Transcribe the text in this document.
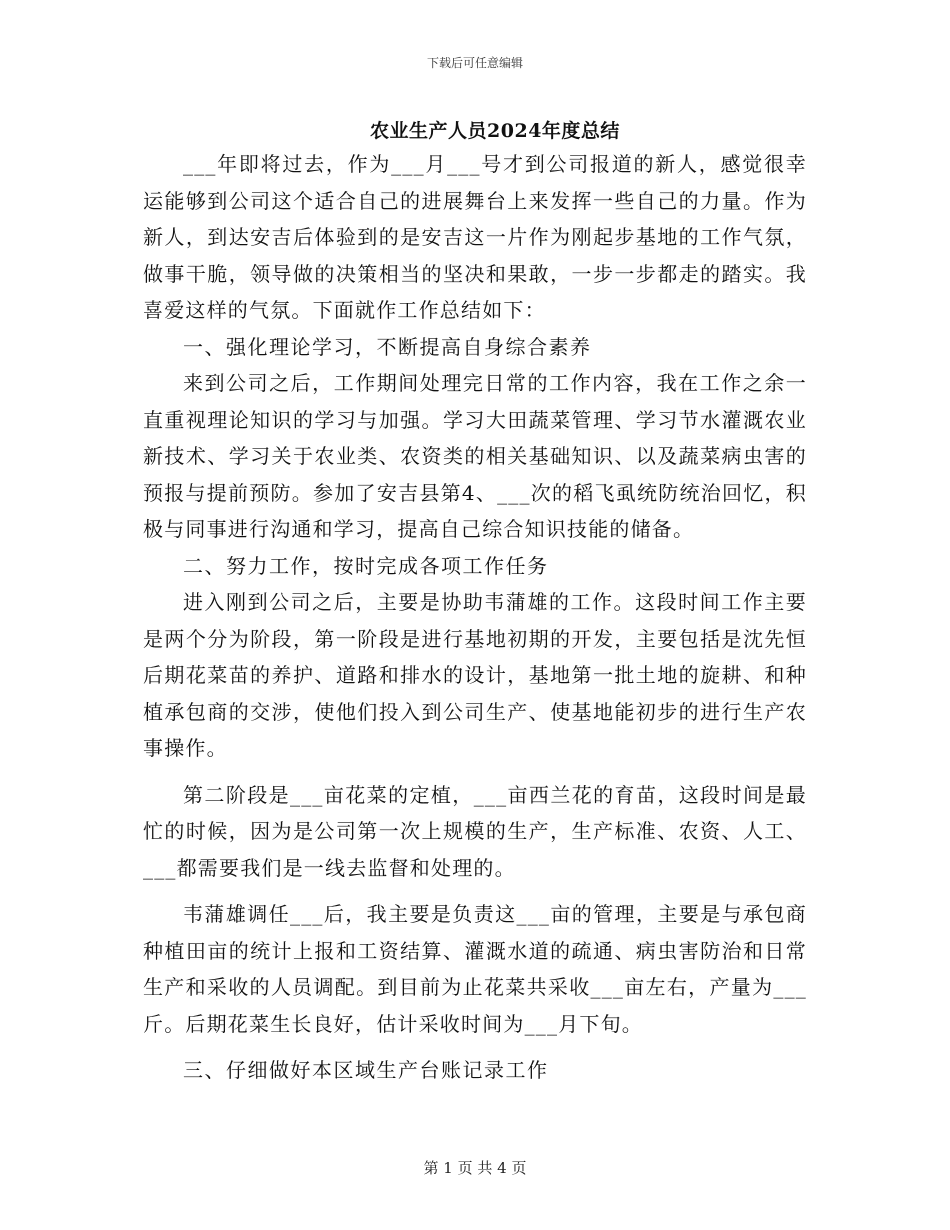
下载后可任意编辑
农业生产人员2024年度总结

___年即将过去，作为___月___号才到公司报道的新人，感觉很幸运能够到公司这个适合自己的进展舞台上来发挥一些自己的力量。作为新人，到达安吉后体验到的是安吉这一片作为刚起步基地的工作气氛，做事干脆，领导做的决策相当的坚决和果敢，一步一步都走的踏实。我喜爱这样的气氛。下面就作工作总结如下：

一、强化理论学习，不断提高自身综合素养

来到公司之后，工作期间处理完日常的工作内容，我在工作之余一直重视理论知识的学习与加强。学习大田蔬菜管理、学习节水灌溉农业新技术、学习关于农业类、农资类的相关基础知识、以及蔬菜病虫害的预报与提前预防。参加了安吉县第4、___次的稻飞虱统防统治回忆，积极与同事进行沟通和学习，提高自己综合知识技能的储备。

二、努力工作，按时完成各项工作任务

进入刚到公司之后，主要是协助韦蒲雄的工作。这段时间工作主要是两个分为阶段，第一阶段是进行基地初期的开发，主要包括是沈先恒后期花菜苗的养护、道路和排水的设计，基地第一批土地的旋耕、和种植承包商的交涉，使他们投入到公司生产、使基地能初步的进行生产农事操作。

第二阶段是___亩花菜的定植，___亩西兰花的育苗，这段时间是最忙的时候，因为是公司第一次上规模的生产，生产标准、农资、人工、___都需要我们是一线去监督和处理的。

韦蒲雄调任___后，我主要是负责这___亩的管理，主要是与承包商种植田亩的统计上报和工资结算、灌溉水道的疏通、病虫害防治和日常生产和采收的人员调配。到目前为止花菜共采收___亩左右，产量为___斤。后期花菜生长良好，估计采收时间为___月下旬。

三、仔细做好本区域生产台账记录工作

第 1 页 共 4 页
